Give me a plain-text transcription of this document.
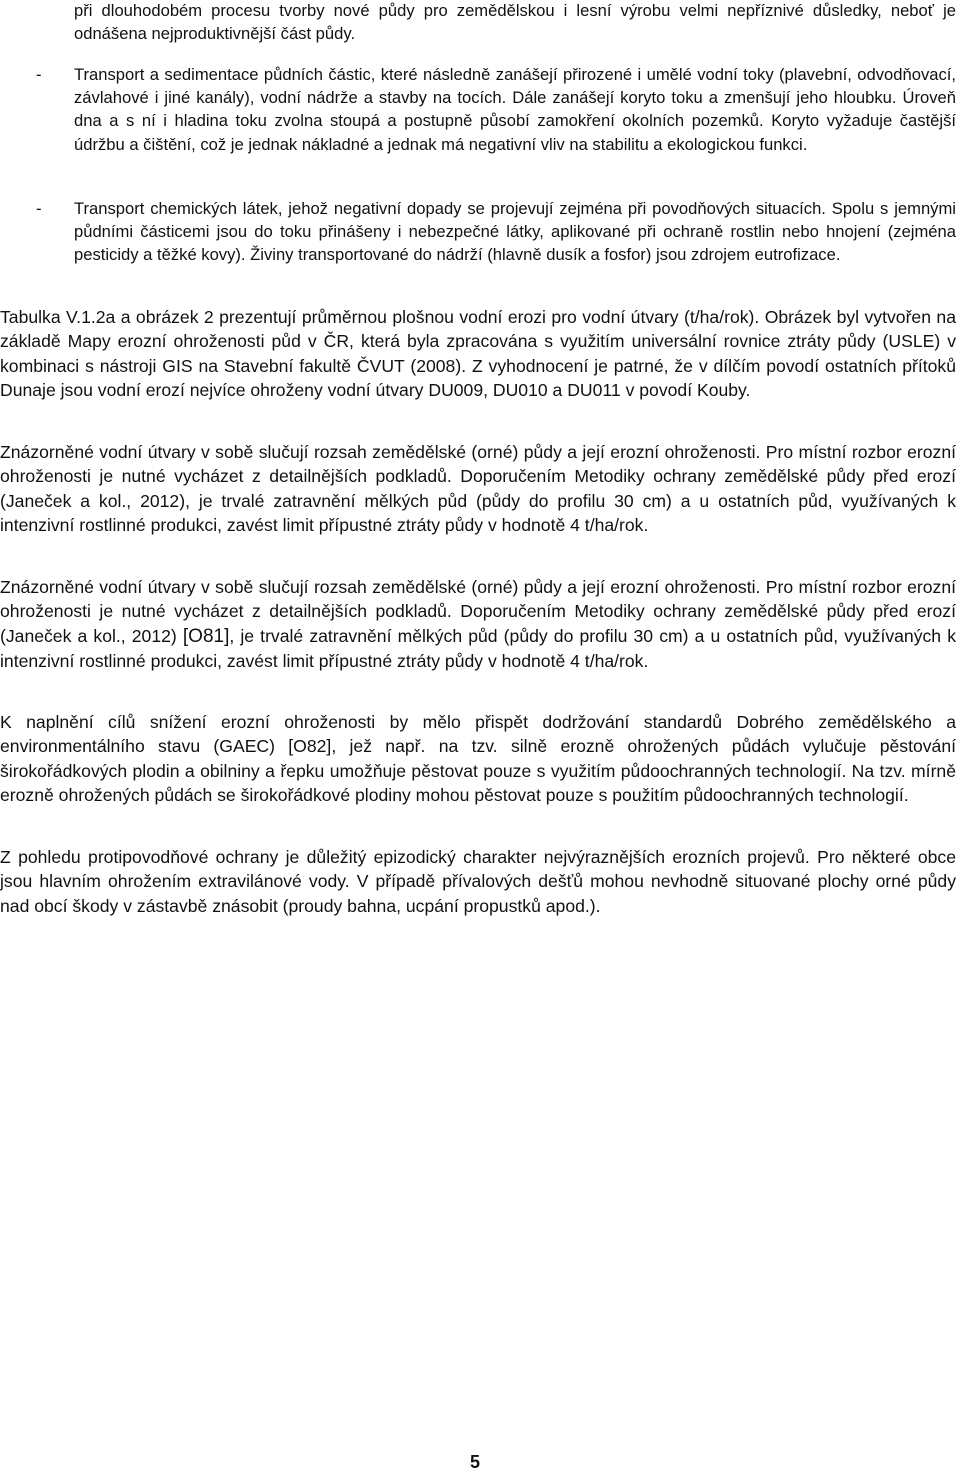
při dlouhodobém procesu tvorby nové půdy pro zemědělskou i lesní výrobu velmi nepříznivé důsledky, neboť je odnášena nejproduktivnější část půdy.

- Transport a sedimentace půdních částic, které následně zanášejí přirozené i umělé vodní toky (plavební, odvodňovací, závlahové i jiné kanály), vodní nádrže a stavby na tocích. Dále zanášejí koryto toku a zmenšují jeho hloubku. Úroveň dna a s ní i hladina toku zvolna stoupá a postupně působí zamokření okolních pozemků. Koryto vyžaduje častější údržbu a čištění, což je jednak nákladné a jednak má negativní vliv na stabilitu a ekologickou funkci.

- Transport chemických látek, jehož negativní dopady se projevují zejména při povodňových situacích. Spolu s jemnými půdními částicemi jsou do toku přinášeny i nebezpečné látky, aplikované při ochraně rostlin nebo hnojení (zejména pesticidy a těžké kovy). Živiny transportované do nádrží (hlavně dusík a fosfor) jsou zdrojem eutrofizace.

Tabulka V.1.2a a obrázek 2 prezentují průměrnou plošnou vodní erozi pro vodní útvary (t/ha/rok). Obrázek byl vytvořen na základě Mapy erozní ohroženosti půd v ČR, která byla zpracována s využitím universální rovnice ztráty půdy (USLE) v kombinaci s nástroji GIS na Stavební fakultě ČVUT (2008). Z vyhodnocení je patrné, že v dílčím povodí ostatních přítoků Dunaje jsou vodní erozí nejvíce ohroženy vodní útvary DU009, DU010 a DU011 v povodí Kouby.

Znázorněné vodní útvary v sobě slučují rozsah zemědělské (orné) půdy a její erozní ohroženosti. Pro místní rozbor erozní ohroženosti je nutné vycházet z detailnějších podkladů. Doporučením Metodiky ochrany zemědělské půdy před erozí (Janeček a kol., 2012), je trvalé zatravnění mělkých půd (půdy do profilu 30 cm) a u ostatních půd, využívaných k intenzivní rostlinné produkci, zavést limit přípustné ztráty půdy v hodnotě 4 t/ha/rok.

Znázorněné vodní útvary v sobě slučují rozsah zemědělské (orné) půdy a její erozní ohroženosti. Pro místní rozbor erozní ohroženosti je nutné vycházet z detailnějších podkladů. Doporučením Metodiky ochrany zemědělské půdy před erozí (Janeček a kol., 2012) [O81], je trvalé zatravnění mělkých půd (půdy do profilu 30 cm) a u ostatních půd, využívaných k intenzivní rostlinné produkci, zavést limit přípustné ztráty půdy v hodnotě 4 t/ha/rok.

K naplnění cílů snížení erozní ohroženosti by mělo přispět dodržování standardů Dobrého zemědělského a environmentálního stavu (GAEC) [O82], jež např. na tzv. silně erozně ohrožených půdách vylučuje pěstování širokořádkových plodin a obilniny a řepku umožňuje pěstovat pouze s využitím půdoochranných technologií. Na tzv. mírně erozně ohrožených půdách se širokořádkové plodiny mohou pěstovat pouze s použitím půdoochranných technologií.

Z pohledu protipovodňové ochrany je důležitý epizodický charakter nejvýraznějších erozních projevů. Pro některé obce jsou hlavním ohrožením extravilánové vody. V případě přívalových dešťů mohou nevhodně situované plochy orné půdy nad obcí škody v zástavbě znásobit (proudy bahna, ucpání propustků apod.).

5
